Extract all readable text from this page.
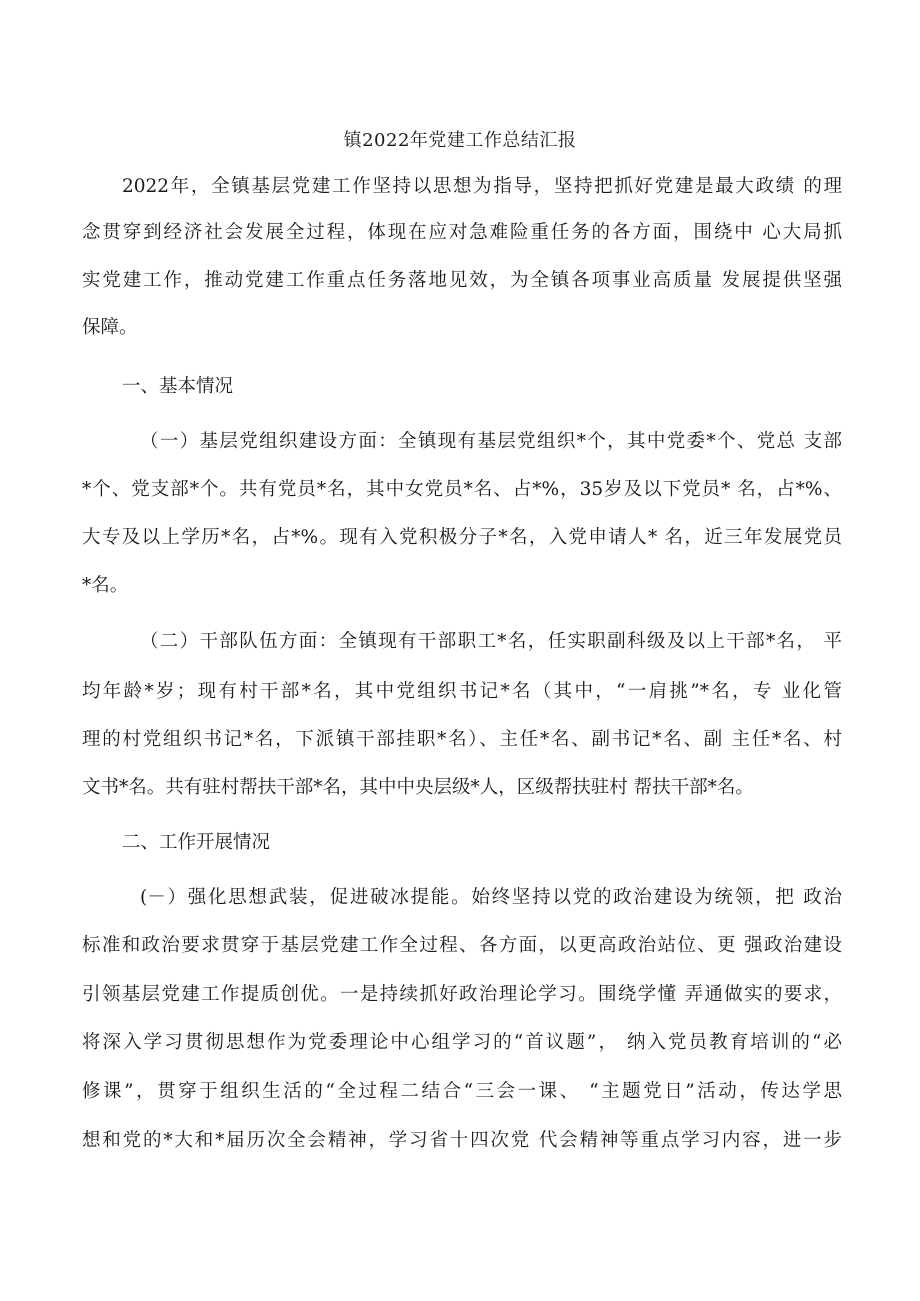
镇2022年党建工作总结汇报
2022年，全镇基层党建工作坚持以思想为指导，坚持把抓好党建是最大政绩 的理
念贯穿到经济社会发展全过程，体现在应对急难险重任务的各方面，围绕中 心大局抓
实党建工作，推动党建工作重点任务落地见效，为全镇各项事业高质量 发展提供坚强
保障。
一、基本情况
（一）基层党组织建设方面：全镇现有基层党组织*个，其中党委*个、党总 支部
*个、党支部*个。共有党员*名，其中女党员*名、占*%，35岁及以下党员* 名，占*%、
大专及以上学历*名，占*%。现有入党积极分子*名，入党申请人* 名，近三年发展党员
*名。
（二）干部队伍方面：全镇现有干部职工*名，任实职副科级及以上干部*名， 平
均年龄*岁；现有村干部*名，其中党组织书记*名（其中，“一肩挑”*名，专 业化管
理的村党组织书记*名，下派镇干部挂职*名）、主任*名、副书记*名、副 主任*名、村
文书*名。共有驻村帮扶干部*名，其中中央层级*人，区级帮扶驻村 帮扶干部*名。
二、工作开展情况
(－）强化思想武装，促进破冰提能。始终坚持以党的政治建设为统领，把 政治
标准和政治要求贯穿于基层党建工作全过程、各方面，以更高政治站位、更 强政治建设
引领基层党建工作提质创优。一是持续抓好政治理论学习。围绕学懂 弄通做实的要求，
将深入学习贯彻思想作为党委理论中心组学习的“首议题”， 纳入党员教育培训的“必
修课”，贯穿于组织生活的“全过程二结合“三会一课、 “主题党日”活动，传达学思
想和党的*大和*届历次全会精神，学习省十四次党 代会精神等重点学习内容，进一步
